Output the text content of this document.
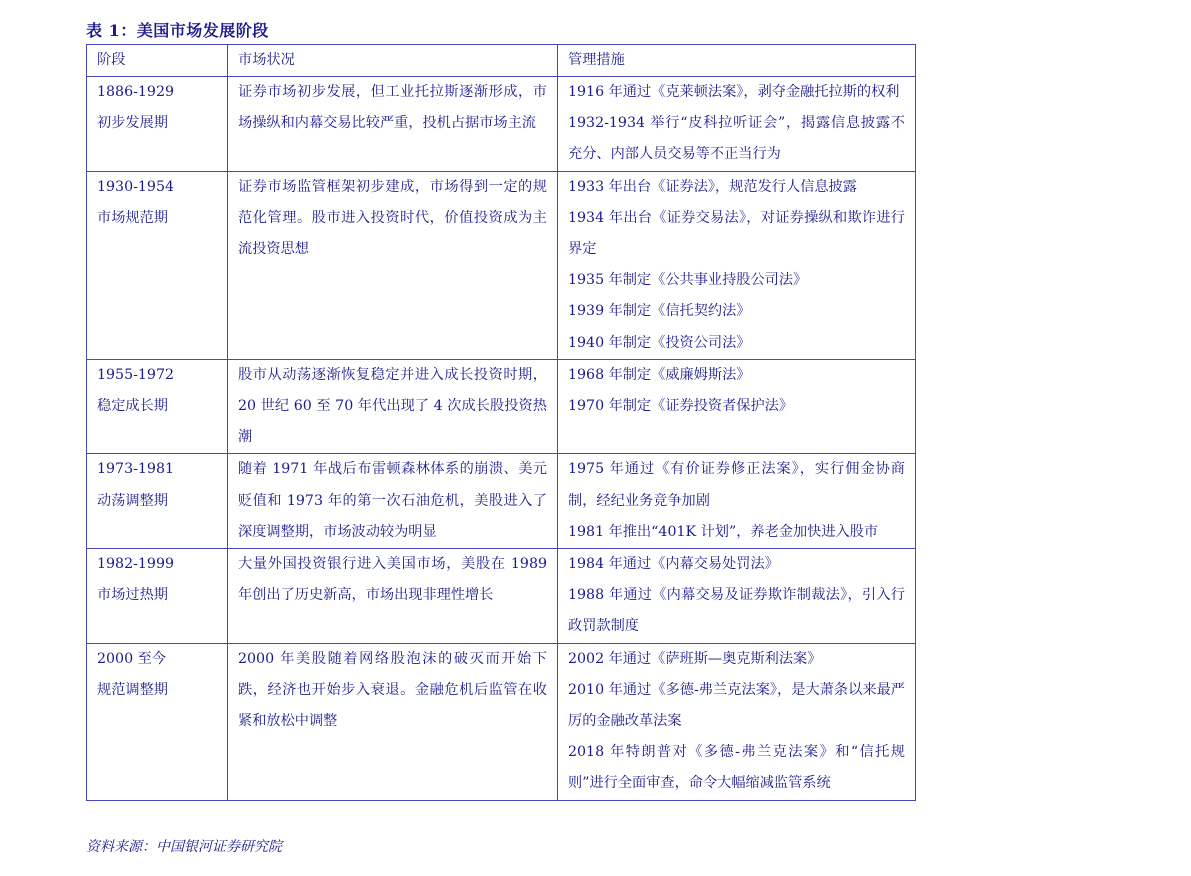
表 1：美国市场发展阶段
阶段	市场状况	管理措施

1886-1929
初步发展期	证券市场初步发展，但工业托拉斯逐渐形成，市场操纵和内幕交易比较严重，投机占据市场主流	1916 年通过《克莱顿法案》，剥夺金融托拉斯的权利
1932-1934 举行“皮科拉听证会”，揭露信息披露不充分、内部人员交易等不正当行为

1930-1954
市场规范期	证券市场监管框架初步建成，市场得到一定的规范化管理。股市进入投资时代，价值投资成为主流投资思想	1933 年出台《证券法》，规范发行人信息披露
1934 年出台《证券交易法》，对证券操纵和欺诈进行界定
1935 年制定《公共事业持股公司法》
1939 年制定《信托契约法》
1940 年制定《投资公司法》

1955-1972
稳定成长期	股市从动荡逐渐恢复稳定并进入成长投资时期，20 世纪 60 至 70 年代出现了 4 次成长股投资热潮	1968 年制定《威廉姆斯法》
1970 年制定《证券投资者保护法》

1973-1981
动荡调整期	随着 1971 年战后布雷顿森林体系的崩溃、美元贬值和 1973 年的第一次石油危机，美股进入了深度调整期，市场波动较为明显	1975 年通过《有价证券修正法案》，实行佣金协商制，经纪业务竞争加剧
1981 年推出“401K 计划”，养老金加快进入股市

1982-1999
市场过热期	大量外国投资银行进入美国市场，美股在 1989 年创出了历史新高，市场出现非理性增长	1984 年通过《内幕交易处罚法》
1988 年通过《内幕交易及证券欺诈制裁法》，引入行政罚款制度

2000 至今
规范调整期	2000 年美股随着网络股泡沫的破灭而开始下跌，经济也开始步入衰退。金融危机后监管在收紧和放松中调整	2002 年通过《萨班斯—奥克斯利法案》
2010 年通过《多德-弗兰克法案》，是大萧条以来最严厉的金融改革法案
2018 年特朗普对《多德-弗兰克法案》和“信托规则”进行全面审查，命令大幅缩减监管系统
资料来源：中国银河证券研究院
